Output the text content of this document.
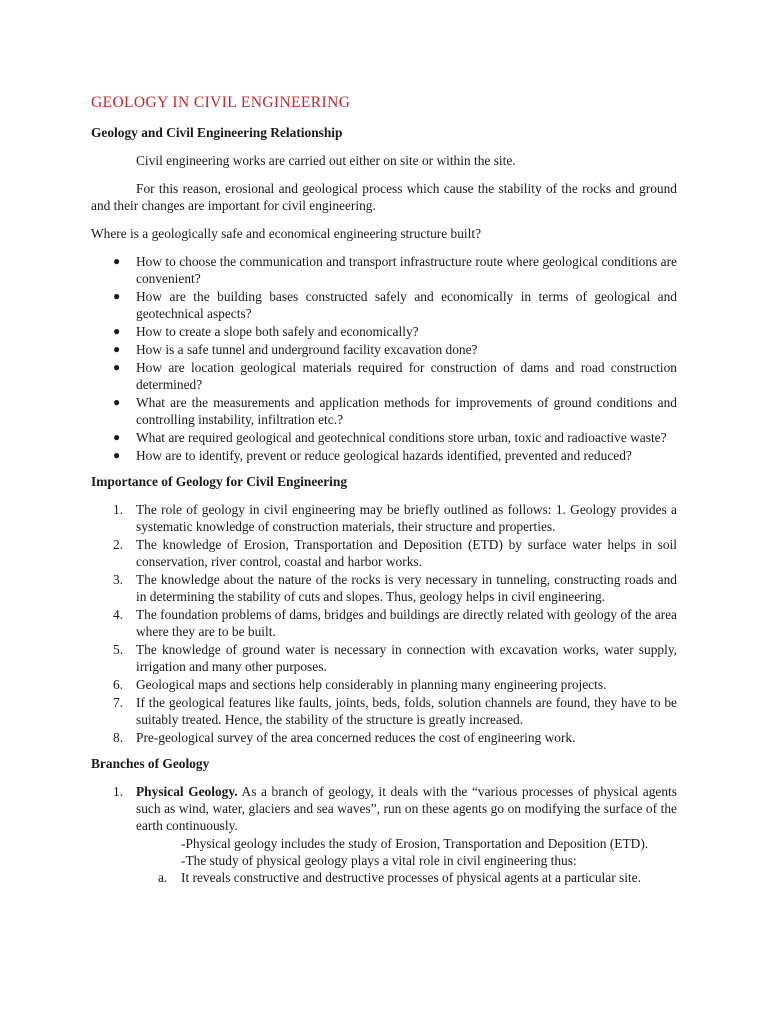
GEOLOGY IN CIVIL ENGINEERING
Geology and Civil Engineering Relationship
Civil engineering works are carried out either on site or within the site.
For this reason, erosional and geological process which cause the stability of the rocks and ground and their changes are important for civil engineering.
Where is a geologically safe and economical engineering structure built?
● How to choose the communication and transport infrastructure route where geological conditions are convenient?
● How are the building bases constructed safely and economically in terms of geological and geotechnical aspects?
● How to create a slope both safely and economically?
● How is a safe tunnel and underground facility excavation done?
● How are location geological materials required for construction of dams and road construction determined?
● What are the measurements and application methods for improvements of ground conditions and controlling instability, infiltration etc.?
● What are required geological and geotechnical conditions store urban, toxic and radioactive waste?
● How are to identify, prevent or reduce geological hazards identified, prevented and reduced?
Importance of Geology for Civil Engineering
1. The role of geology in civil engineering may be briefly outlined as follows: 1. Geology provides a systematic knowledge of construction materials, their structure and properties.
2. The knowledge of Erosion, Transportation and Deposition (ETD) by surface water helps in soil conservation, river control, coastal and harbor works.
3. The knowledge about the nature of the rocks is very necessary in tunneling, constructing roads and in determining the stability of cuts and slopes. Thus, geology helps in civil engineering.
4. The foundation problems of dams, bridges and buildings are directly related with geology of the area where they are to be built.
5. The knowledge of ground water is necessary in connection with excavation works, water supply, irrigation and many other purposes.
6. Geological maps and sections help considerably in planning many engineering projects.
7. If the geological features like faults, joints, beds, folds, solution channels are found, they have to be suitably treated. Hence, the stability of the structure is greatly increased.
8. Pre-geological survey of the area concerned reduces the cost of engineering work.
Branches of Geology
1. Physical Geology. As a branch of geology, it deals with the “various processes of physical agents such as wind, water, glaciers and sea waves”, run on these agents go on modifying the surface of the earth continuously.
-Physical geology includes the study of Erosion, Transportation and Deposition (ETD).
-The study of physical geology plays a vital role in civil engineering thus:
a. It reveals constructive and destructive processes of physical agents at a particular site.
